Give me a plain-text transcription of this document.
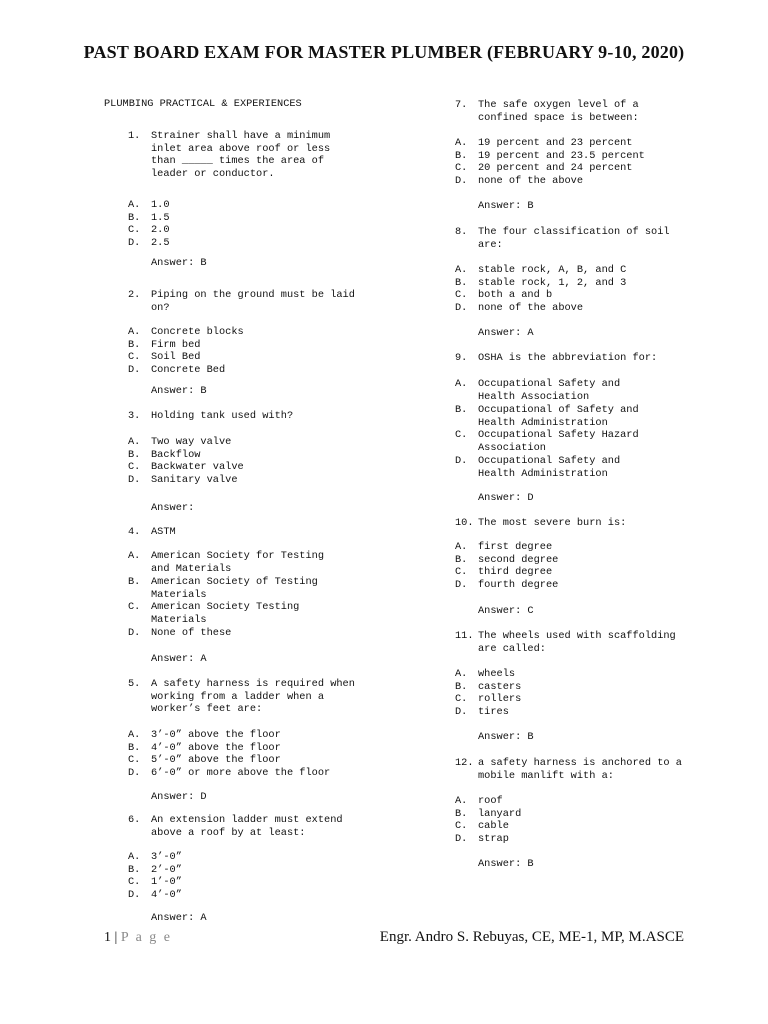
PAST BOARD EXAM FOR MASTER PLUMBER (FEBRUARY 9-10, 2020)
PLUMBING PRACTICAL & EXPERIENCES
1. Strainer shall have a minimum
inlet area above roof or less
than _____ times the area of
leader or conductor.
A. 1.0
B. 1.5
C. 2.0
D. 2.5
Answer: B
2. Piping on the ground must be laid
on?
A. Concrete blocks
B. Firm bed
C. Soil Bed
D. Concrete Bed
Answer: B
3. Holding tank used with?
A. Two way valve
B. Backflow
C. Backwater valve
D. Sanitary valve
Answer:
4. ASTM
A. American Society for Testing
and Materials
B. American Society of Testing
Materials
C. American Society Testing
Materials
D. None of these
Answer: A
5. A safety harness is required when
working from a ladder when a
worker’s feet are:
A. 3’-0” above the floor
B. 4’-0” above the floor
C. 5’-0” above the floor
D. 6’-0” or more above the floor
Answer: D
6. An extension ladder must extend
above a roof by at least:
A. 3’-0”
B. 2’-0”
C. 1’-0”
D. 4’-0”
Answer: A
7. The safe oxygen level of a
confined space is between:
A. 19 percent and 23 percent
B. 19 percent and 23.5 percent
C. 20 percent and 24 percent
D. none of the above
Answer: B
8. The four classification of soil
are:
A. stable rock, A, B, and C
B. stable rock, 1, 2, and 3
C. both a and b
D. none of the above
Answer: A
9. OSHA is the abbreviation for:
A. Occupational Safety and
Health Association
B. Occupational of Safety and
Health Administration
C. Occupational Safety Hazard
Association
D. Occupational Safety and
Health Administration
Answer: D
10. The most severe burn is:
A. first degree
B. second degree
C. third degree
D. fourth degree
Answer: C
11. The wheels used with scaffolding
are called:
A. wheels
B. casters
C. rollers
D. tires
Answer: B
12. a safety harness is anchored to a
mobile manlift with a:
A. roof
B. lanyard
C. cable
D. strap
Answer: B
1 | P a g e	Engr. Andro S. Rebuyas, CE, ME-1, MP, M.ASCE
